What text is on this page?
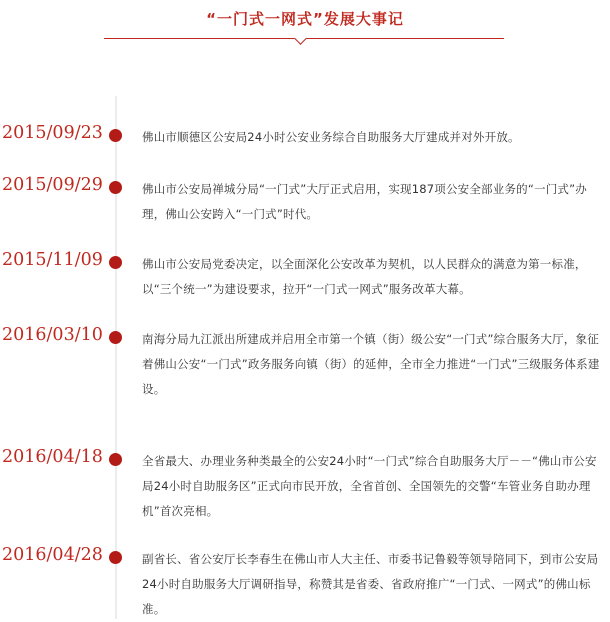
“一门式一网式”发展大事记
2015/09/23	佛山市顺德区公安局24小时公安业务综合自助服务大厅建成并对外开放。
2015/09/29	佛山市公安局禅城分局“一门式”大厅正式启用，实现187项公安全部业务的“一门式”办理，佛山公安跨入“一门式”时代。
2015/11/09	佛山市公安局党委决定，以全面深化公安改革为契机，以人民群众的满意为第一标准，以“三个统一”为建设要求，拉开“一门式一网式”服务改革大幕。
2016/03/10	南海分局九江派出所建成并启用全市第一个镇（街）级公安“一门式”综合服务大厅，象征着佛山公安“一门式”政务服务向镇（街）的延伸，全市全力推进“一门式”三级服务体系建设。
2016/04/18	全省最大、办理业务种类最全的公安24小时“一门式”综合自助服务大厅－－“佛山市公安局24小时自助服务区”正式向市民开放，全省首创、全国领先的交警“车管业务自助办理机”首次亮相。
2016/04/28	副省长、省公安厅长李春生在佛山市人大主任、市委书记鲁毅等领导陪同下，到市公安局24小时自助服务大厅调研指导，称赞其是省委、省政府推广“一门式、一网式”的佛山标准。
